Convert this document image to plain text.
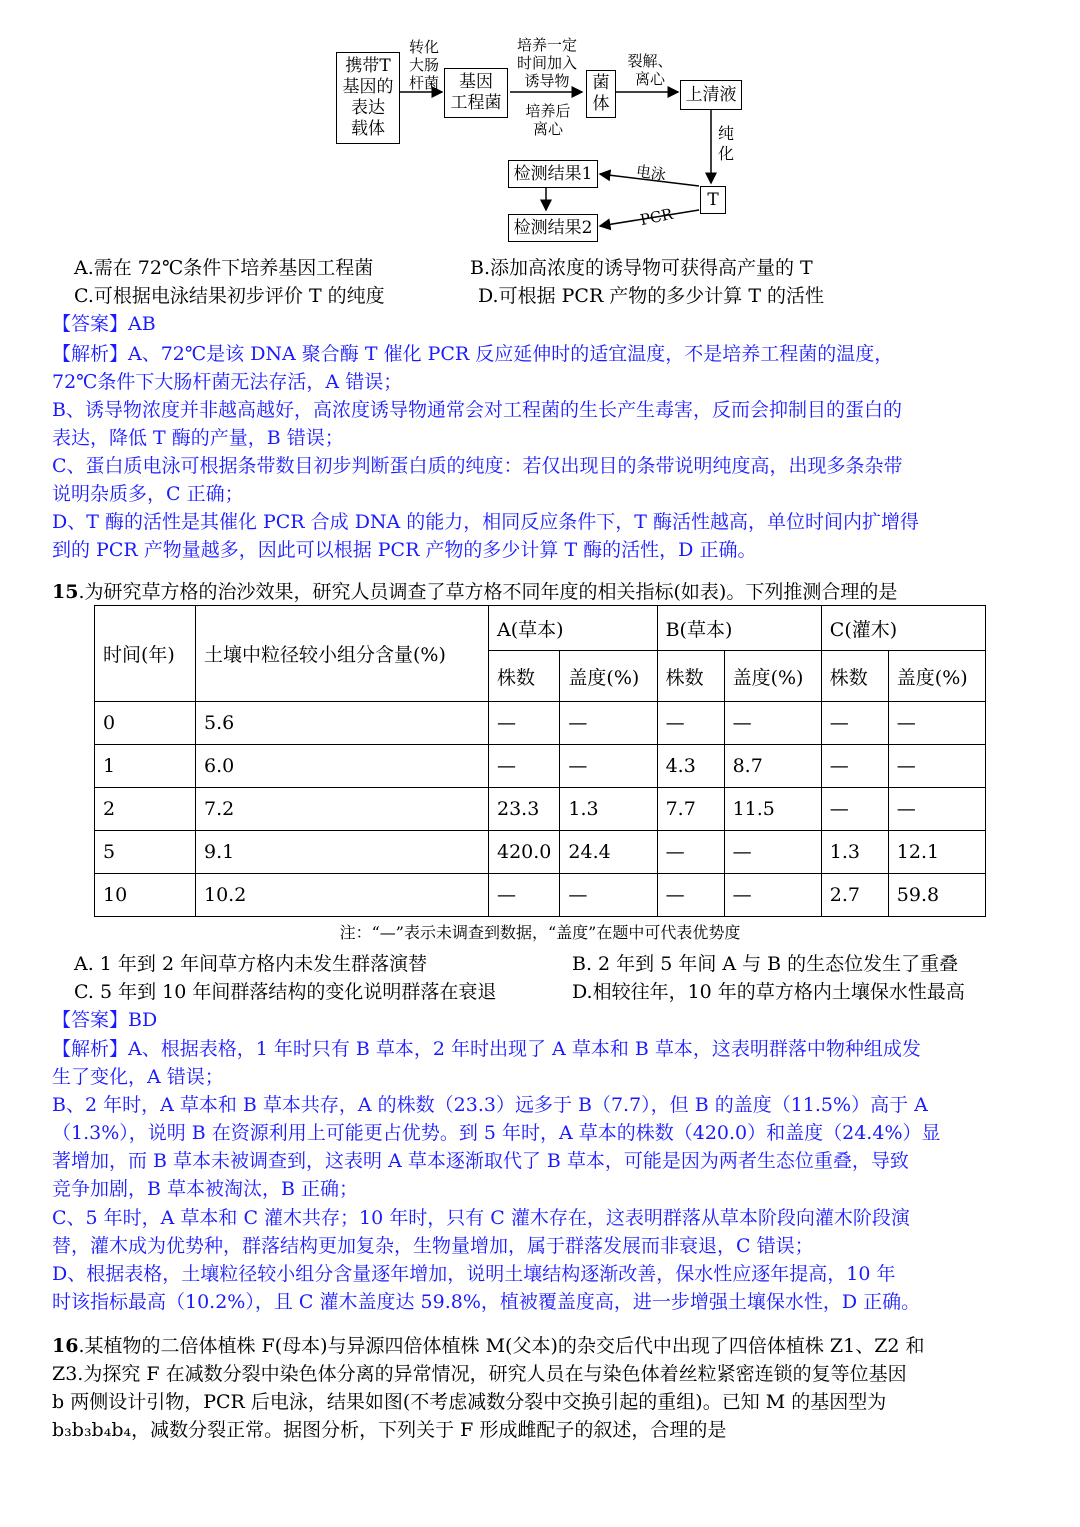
携带T
基因的
表达
载体
转化
大肠
杆菌	基因
工程菌
培养一定
时间加入
诱导物
培养后
离心
菌
体
裂解、
离心
上清液
纯
化
T
检测结果1
检测结果2
电泳
PCR
A.需在 72℃条件下培养基因工程菌	B.添加高浓度的诱导物可获得高产量的 T
C.可根据电泳结果初步评价 T 的纯度	D.可根据 PCR 产物的多少计算 T 的活性
【答案】AB
【解析】A、72℃是该 DNA 聚合酶 T 催化 PCR 反应延伸时的适宜温度，不是培养工程菌的温度，
72℃条件下大肠杆菌无法存活，A 错误；
B、诱导物浓度并非越高越好，高浓度诱导物通常会对工程菌的生长产生毒害，反而会抑制目的蛋白的
表达，降低 T 酶的产量，B 错误；
C、蛋白质电泳可根据条带数目初步判断蛋白质的纯度：若仅出现目的条带说明纯度高，出现多条杂带
说明杂质多，C 正确；
D、T 酶的活性是其催化 PCR 合成 DNA 的能力，相同反应条件下，T 酶活性越高，单位时间内扩增得
到的 PCR 产物量越多，因此可以根据 PCR 产物的多少计算 T 酶的活性，D 正确。
15.为研究草方格的治沙效果，研究人员调查了草方格不同年度的相关指标(如表)。下列推测合理的是
时间(年)	土壤中粒径较小组分含量(%)	A(草本)		B(草本)		C(灌木)	
		株数	盖度(%)	株数	盖度(%)	株数	盖度(%)
0	5.6	—	—	—	—	—	—
1	6.0	—	—	4.3	8.7	—	—
2	7.2	23.3	1.3	7.7	11.5	—	—
5	9.1	420.0	24.4	—	—	1.3	12.1
10	10.2	—	—	—	—	2.7	59.8
注：“—”表示未调查到数据，“盖度”在题中可代表优势度
A. 1 年到 2 年间草方格内未发生群落演替	B. 2 年到 5 年间 A 与 B 的生态位发生了重叠
C. 5 年到 10 年间群落结构的变化说明群落在衰退	D.相较往年，10 年的草方格内土壤保水性最高
【答案】BD
【解析】A、根据表格，1 年时只有 B 草本，2 年时出现了 A 草本和 B 草本，这表明群落中物种组成发
生了变化，A 错误；
B、2 年时，A 草本和 B 草本共存，A 的株数（23.3）远多于 B（7.7），但 B 的盖度（11.5%）高于 A
（1.3%），说明 B 在资源利用上可能更占优势。到 5 年时，A 草本的株数（420.0）和盖度（24.4%）显
著增加，而 B 草本未被调查到，这表明 A 草本逐渐取代了 B 草本，可能是因为两者生态位重叠，导致
竞争加剧，B 草本被淘汰，B 正确；
C、5 年时，A 草本和 C 灌木共存；10 年时，只有 C 灌木存在，这表明群落从草本阶段向灌木阶段演
替，灌木成为优势种，群落结构更加复杂，生物量增加，属于群落发展而非衰退，C 错误；
D、根据表格，土壤粒径较小组分含量逐年增加，说明土壤结构逐渐改善，保水性应逐年提高，10 年
时该指标最高（10.2%），且 C 灌木盖度达 59.8%，植被覆盖度高，进一步增强土壤保水性，D 正确。
16.某植物的二倍体植株 F(母本)与异源四倍体植株 M(父本)的杂交后代中出现了四倍体植株 Z1、Z2 和
Z3.为探究 F 在减数分裂中染色体分离的异常情况，研究人员在与染色体着丝粒紧密连锁的复等位基因
b 两侧设计引物，PCR 后电泳，结果如图(不考虑减数分裂中交换引起的重组)。已知 M 的基因型为
b₃b₃b₄b₄，减数分裂正常。据图分析，下列关于 F 形成雌配子的叙述，合理的是
